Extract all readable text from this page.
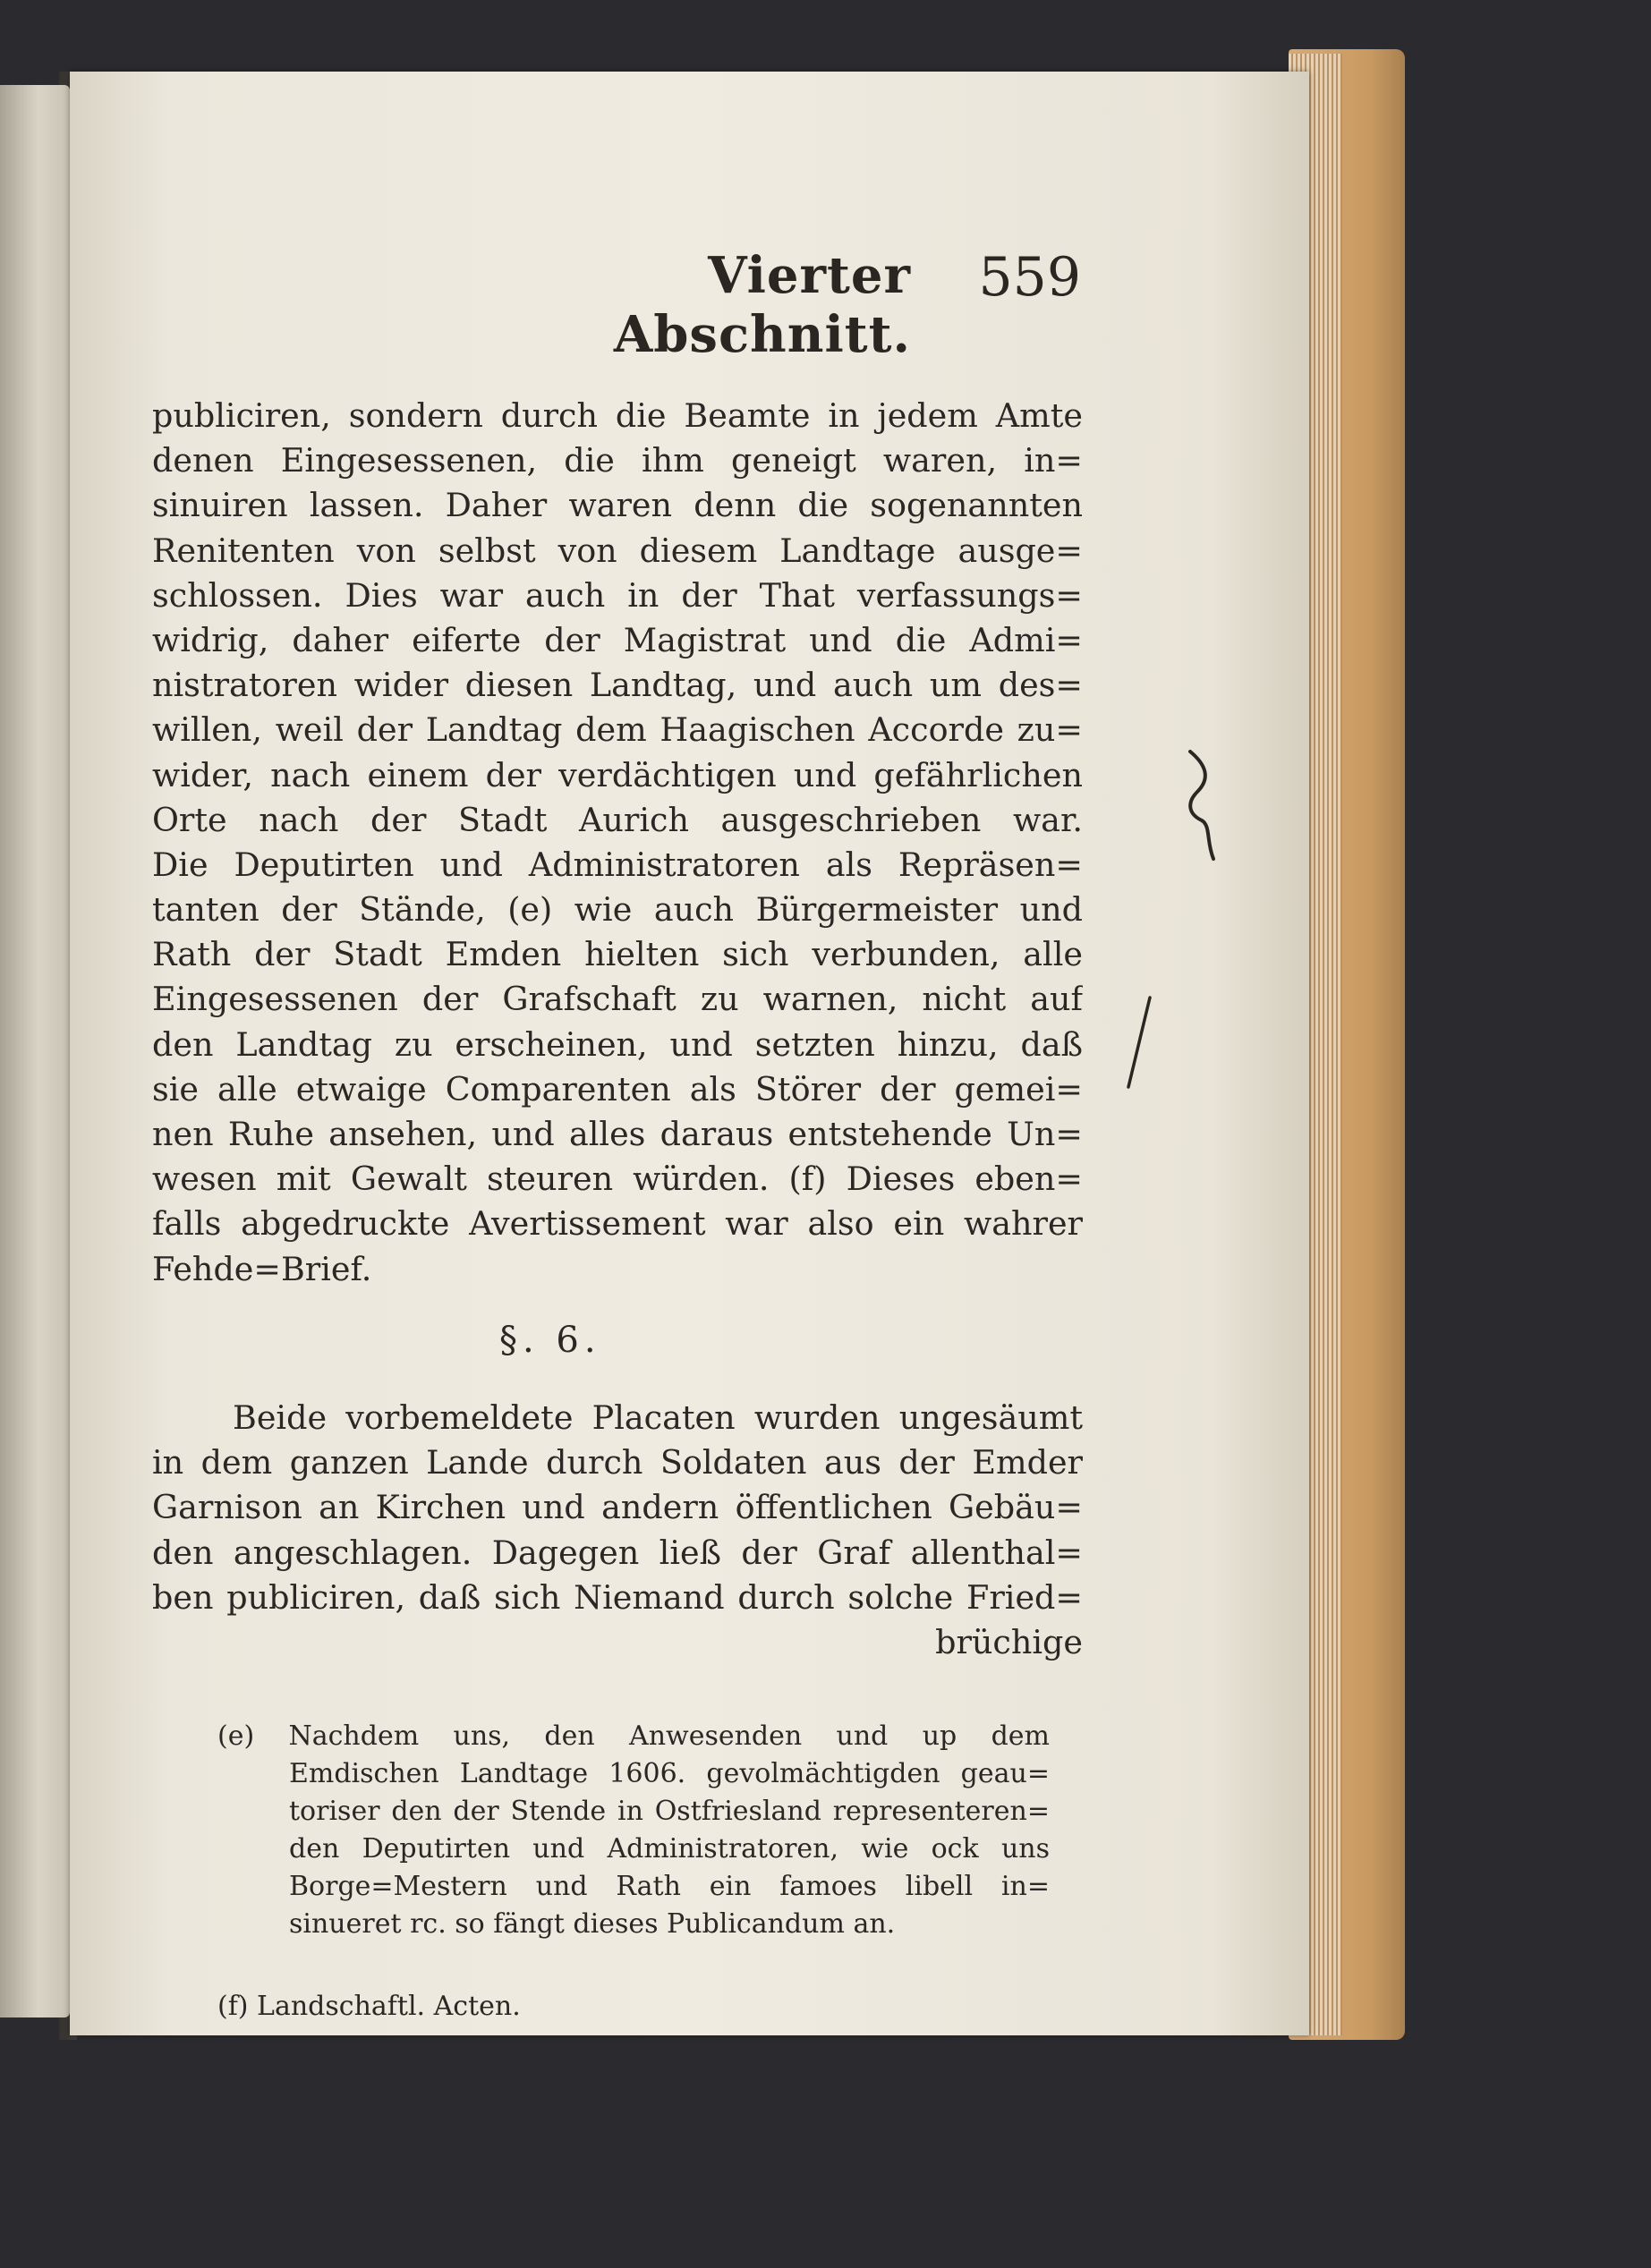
Vierter Abschnitt.
559
publiciren, sondern durch die Beamte in jedem Amte
denen Eingesessenen, die ihm geneigt waren, in=
sinuiren lassen. Daher waren denn die sogenannten
Renitenten von selbst von diesem Landtage ausge=
schlossen. Dies war auch in der That verfassungs=
widrig, daher eiferte der Magistrat und die Admi=
nistratoren wider diesen Landtag, und auch um des=
willen, weil der Landtag dem Haagischen Accorde zu=
wider, nach einem der verdächtigen und gefährlichen
Orte nach der Stadt Aurich ausgeschrieben war.
Die Deputirten und Administratoren als Repräsen=
tanten der Stände, (e) wie auch Bürgermeister und
Rath der Stadt Emden hielten sich verbunden, alle
Eingesessenen der Grafschaft zu warnen, nicht auf
den Landtag zu erscheinen, und setzten hinzu, daß
sie alle etwaige Comparenten als Störer der gemei=
nen Ruhe ansehen, und alles daraus entstehende Un=
wesen mit Gewalt steuren würden. (f) Dieses eben=
falls abgedruckte Avertissement war also ein wahrer
Fehde=Brief.
§. 6.
Beide vorbemeldete Placaten wurden ungesäumt
in dem ganzen Lande durch Soldaten aus der Emder
Garnison an Kirchen und andern öffentlichen Gebäu=
den angeschlagen. Dagegen ließ der Graf allenthal=
ben publiciren, daß sich Niemand durch solche Fried=
brüchige
(e) Nachdem uns, den Anwesenden und up dem
Emdischen Landtage 1606. gevolmächtigden geau=
toriser den der Stende in Ostfriesland representeren=
den Deputirten und Administratoren, wie ock uns
Borge=Mestern und Rath ein famoes libell in=
sinueret rc. so fängt dieses Publicandum an.
(f) Landschaftl. Acten.
